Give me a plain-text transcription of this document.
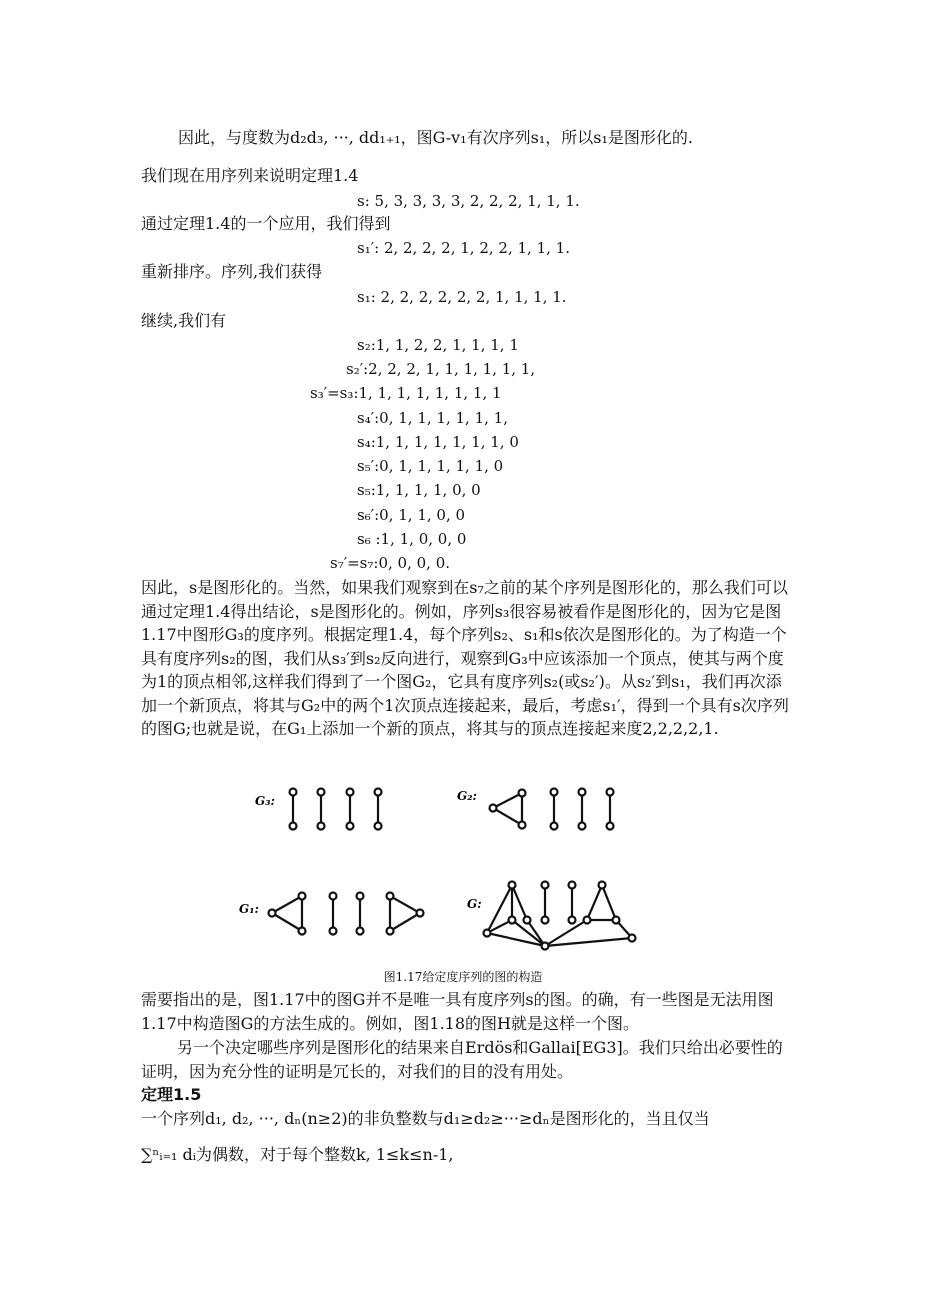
因此，与度数为d₂d₃, ···, dd₁₊₁，图G-v₁有次序列s₁，所以s₁是图形化的.
我们现在用序列来说明定理1.4
s: 5, 3, 3, 3, 3, 2, 2, 2, 1, 1, 1.
通过定理1.4的一个应用，我们得到
s₁′: 2, 2, 2, 2, 1, 2, 2, 1, 1, 1.
重新排序。序列,我们获得
s₁: 2, 2, 2, 2, 2, 2, 1, 1, 1, 1.
继续,我们有
s₂:1, 1, 2, 2, 1, 1, 1, 1
s₂′:2, 2, 2, 1, 1, 1, 1, 1, 1,
s₃′=s₃:1, 1, 1, 1, 1, 1, 1, 1
s₄′:0, 1, 1, 1, 1, 1, 1,
s₄:1, 1, 1, 1, 1, 1, 1, 0
s₅′:0, 1, 1, 1, 1, 1, 0
s₅:1, 1, 1, 1, 0, 0
s₆′:0, 1, 1, 0, 0
s₆ :1, 1, 0, 0, 0
s₇′=s₇:0, 0, 0, 0.
因此，s是图形化的。当然，如果我们观察到在s₇之前的某个序列是图形化的，那么我们可以通过定理1.4得出结论，s是图形化的。例如，序列s₃很容易被看作是图形化的，因为它是图1.17中图形G₃的度序列。根据定理1.4，每个序列s₂、s₁和s依次是图形化的。为了构造一个具有度序列s₂的图，我们从s₃′到s₂反向进行，观察到G₃中应该添加一个顶点，使其与两个度为1的顶点相邻,这样我们得到了一个图G₂，它具有度序列s₂(或s₂′)。从s₂′到s₁，我们再次添加一个新顶点，将其与G₂中的两个1次顶点连接起来，最后，考虑s₁′，得到一个具有s次序列的图G;也就是说，在G₁上添加一个新的顶点，将其与的顶点连接起来度2,2,2,2,1.
G₃:	G₂:
G₁:	G:
图1.17给定度序列的图的构造
需要指出的是，图1.17中的图G并不是唯一具有度序列s的图。的确，有一些图是无法用图1.17中构造图G的方法生成的。例如，图1.18的图H就是这样一个图。
另一个决定哪些序列是图形化的结果来自Erdös和Gallai[EG3]。我们只给出必要性的证明，因为充分性的证明是冗长的，对我们的目的没有用处。
定理1.5
一个序列d₁, d₂, ···, dₙ(n≥2)的非负整数与d₁≥d₂≥···≥dₙ是图形化的，当且仅当
∑ⁿᵢ₌₁ dᵢ为偶数，对于每个整数k, 1≤k≤n-1,
